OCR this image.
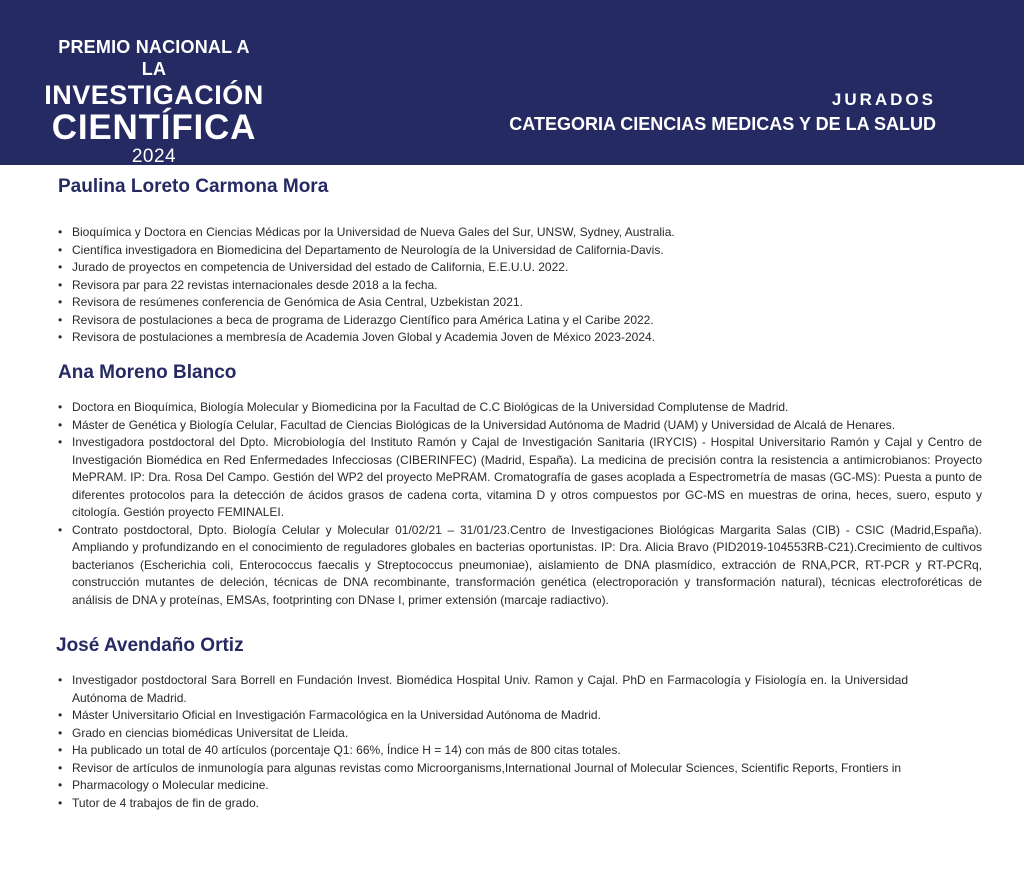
PREMIO NACIONAL A LA
INVESTIGACIÓN
CIENTÍFICA
2024
JURADOS
CATEGORIA CIENCIAS MEDICAS Y DE LA SALUD
Paulina Loreto Carmona Mora
• Bioquímica y Doctora en Ciencias Médicas por la Universidad de Nueva Gales del Sur, UNSW, Sydney, Australia.
• Científica investigadora en Biomedicina del Departamento de Neurología de la Universidad de California-Davis.
• Jurado de proyectos en competencia de Universidad del estado de California, E.E.U.U. 2022.
• Revisora par para 22 revistas internacionales desde 2018 a la fecha.
• Revisora de resúmenes conferencia de Genómica de Asia Central, Uzbekistan 2021.
• Revisora de postulaciones a beca de programa de Liderazgo Científico para América Latina y el Caribe 2022.
• Revisora de postulaciones a membresía de Academia Joven Global y Academia Joven de México 2023-2024.
Ana Moreno Blanco
• Doctora en Bioquímica, Biología Molecular y Biomedicina por la Facultad de C.C Biológicas de la Universidad Complutense de Madrid.
• Máster de Genética y Biología Celular, Facultad de Ciencias Biológicas de la Universidad Autónoma de Madrid (UAM) y Universidad de Alcalá de Henares.
• Investigadora postdoctoral del Dpto. Microbiología del Instituto Ramón y Cajal de Investigación Sanitaria (IRYCIS) - Hospital Universitario Ramón y Cajal y Centro de Investigación Biomédica en Red Enfermedades Infecciosas (CIBERINFEC) (Madrid, España). La medicina de precisión contra la resistencia a antimicrobianos: Proyecto MePRAM. IP: Dra. Rosa Del Campo. Gestión del WP2 del proyecto MePRAM. Cromatografía de gases acoplada a Espectrometría de masas (GC-MS): Puesta a punto de diferentes protocolos para la detección de ácidos grasos de cadena corta, vitamina D y otros compuestos por GC-MS en muestras de orina, heces, suero, esputo y citología. Gestión proyecto FEMINALEI.
• Contrato postdoctoral, Dpto. Biología Celular y Molecular 01/02/21 – 31/01/23.Centro de Investigaciones Biológicas Margarita Salas (CIB) - CSIC (Madrid,España). Ampliando y profundizando en el conocimiento de reguladores globales en bacterias oportunistas. IP: Dra. Alicia Bravo (PID2019-104553RB-C21).Crecimiento de cultivos bacterianos (Escherichia coli, Enterococcus faecalis y Streptococcus pneumoniae), aislamiento de DNA plasmídico, extracción de RNA,PCR, RT-PCR y RT-PCRq, construcción mutantes de deleción, técnicas de DNA recombinante, transformación genética (electroporación y transformación natural), técnicas electroforéticas de análisis de DNA y proteínas, EMSAs, footprinting con DNase I, primer extensión (marcaje radiactivo).
José Avendaño Ortiz
• Investigador postdoctoral Sara Borrell en Fundación Invest. Biomédica Hospital Univ. Ramon y Cajal. PhD en Farmacología y Fisiología en. la Universidad Autónoma de Madrid.
• Máster Universitario Oficial en Investigación Farmacológica en la Universidad Autónoma de Madrid.
• Grado en ciencias biomédicas Universitat de Lleida.
• Ha publicado un total de 40 artículos (porcentaje Q1: 66%, Índice H = 14) con más de 800 citas totales.
• Revisor de artículos de inmunología para algunas revistas como Microorganisms,International Journal of Molecular Sciences, Scientific Reports, Frontiers in
• Pharmacology o Molecular medicine.
• Tutor de 4 trabajos de fin de grado.
